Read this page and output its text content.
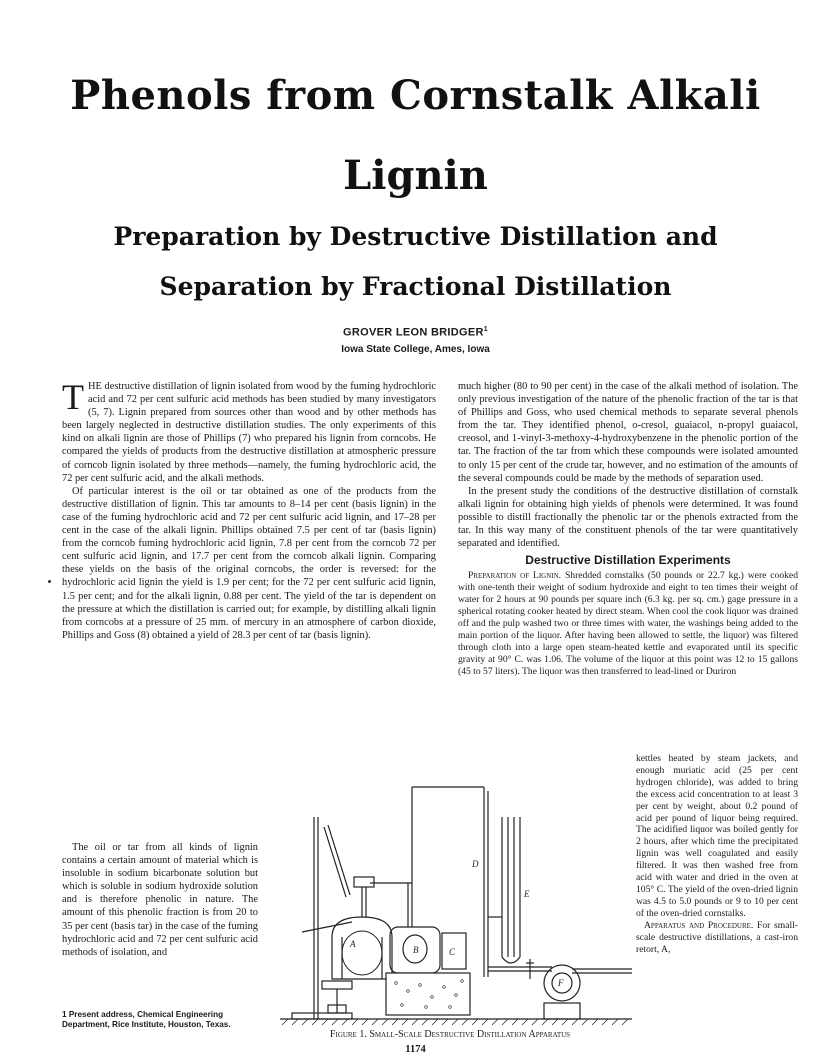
Phenols from Cornstalk Alkali
Lignin
Preparation by Destructive Distillation and
Separation by Fractional Distillation
GROVER LEON BRIDGER$^1$
Iowa State College, Ames, Iowa

THE destructive distillation of lignin isolated from wood by the fuming hydrochloric acid and 72 per cent sulfuric acid methods has been studied by many investigators (5, 7). Lignin prepared from sources other than wood and by other methods has been largely neglected in destructive distillation studies. The only experiments of this kind on alkali lignin are those of Phillips (7) who prepared his lignin from corncobs. He compared the yields of products from the destructive distillation at atmospheric pressure of corncob lignin isolated by three methods—namely, the fuming hydrochloric acid, the 72 per cent sulfuric acid, and the alkali methods.

Of particular interest is the oil or tar obtained as one of the products from the destructive distillation of lignin. This tar amounts to 8–14 per cent (basis lignin) in the case of the fuming hydrochloric acid and 72 per cent sulfuric acid lignin, and 17–28 per cent in the case of the alkali lignin. Phillips obtained 7.5 per cent of tar (basis lignin) from the corncob fuming hydrochloric acid lignin, 7.8 per cent from the corncob 72 per cent sulfuric acid lignin, and 17.7 per cent from the corncob alkali lignin. Comparing these yields on the basis of the original corncobs, the order is reversed: for the hydrochloric acid lignin the yield is 1.9 per cent; for the 72 per cent sulfuric acid lignin, 1.5 per cent; and for the alkali lignin, 0.88 per cent. The yield of the tar is dependent on the pressure at which the distillation is carried out; for example, by distilling alkali lignin from corncobs at a pressure of 25 mm. of mercury in an atmosphere of carbon dioxide, Phillips and Goss (8) obtained a yield of 28.3 per cent of tar (basis lignin).

The oil or tar from all kinds of lignin contains a certain amount of material which is insoluble in sodium bicarbonate solution but which is soluble in sodium hydroxide solution and is therefore phenolic in nature. The amount of this phenolic fraction is from 20 to 35 per cent (basis tar) in the case of the fuming hydrochloric acid and 72 per cent sulfuric acid methods of isolation, and

much higher (80 to 90 per cent) in the case of the alkali method of isolation. The only previous investigation of the nature of the phenolic fraction of the tar is that of Phillips and Goss, who used chemical methods to separate several phenols from the tar. They identified phenol, o-cresol, guaiacol, n-propyl guaiacol, creosol, and 1-vinyl-3-methoxy-4-hydroxybenzene in the phenolic portion of the tar. The fraction of the tar from which these compounds were isolated amounted to only 15 per cent of the crude tar, however, and no estimation of the amounts of the several compounds could be made by the methods of separation used.

In the present study the conditions of the destructive distillation of cornstalk alkali lignin for obtaining high yields of phenols were determined. It was found possible to distill fractionally the phenolic tar or the phenols extracted from the tar. In this way many of the constituent phenols of the tar were quantitatively separated and identified.

Destructive Distillation Experiments

Preparation of Lignin. Shredded cornstalks (50 pounds or 22.7 kg.) were cooked with one-tenth their weight of sodium hydroxide and eight to ten times their weight of water for 2 hours at 90 pounds per square inch (6.3 kg. per sq. cm.) gage pressure in a spherical rotating cooker heated by direct steam. When cool the cook liquor was drained off and the pulp washed two or three times with water, the washings being added to the main portion of the liquor. After having been allowed to settle, the liquor) was filtered through cloth into a large open steam-heated kettle and evaporated until its specific gravity at 90° C. was 1.06. The volume of the liquor at this point was 12 to 15 gallons (45 to 57 liters). The liquor was then transferred to lead-lined or Duriron

kettles heated by steam jackets, and enough muriatic acid (25 per cent hydrogen chloride), was added to bring the excess acid concentration to at least 3 per cent by weight, about 0.2 pound of acid per pound of liquor being required. The acidified liquor was boiled gently for 2 hours, after which time the precipitated lignin was well coagulated and easily filtered. It was then washed free from acid with water and dried in the oven at 105° C. The yield of the oven-dried lignin was 4.5 to 5.0 pounds or 9 to 10 per cent of the oven-dried cornstalks.

Apparatus and Procedure. For small-scale destructive distillations, a cast-iron retort, A,

1 Present address, Chemical Engineering Department, Rice Institute, Houston, Texas.
A
B	C
D
E
F
Figure 1. Small-Scale Destructive Distillation Apparatus
1174
